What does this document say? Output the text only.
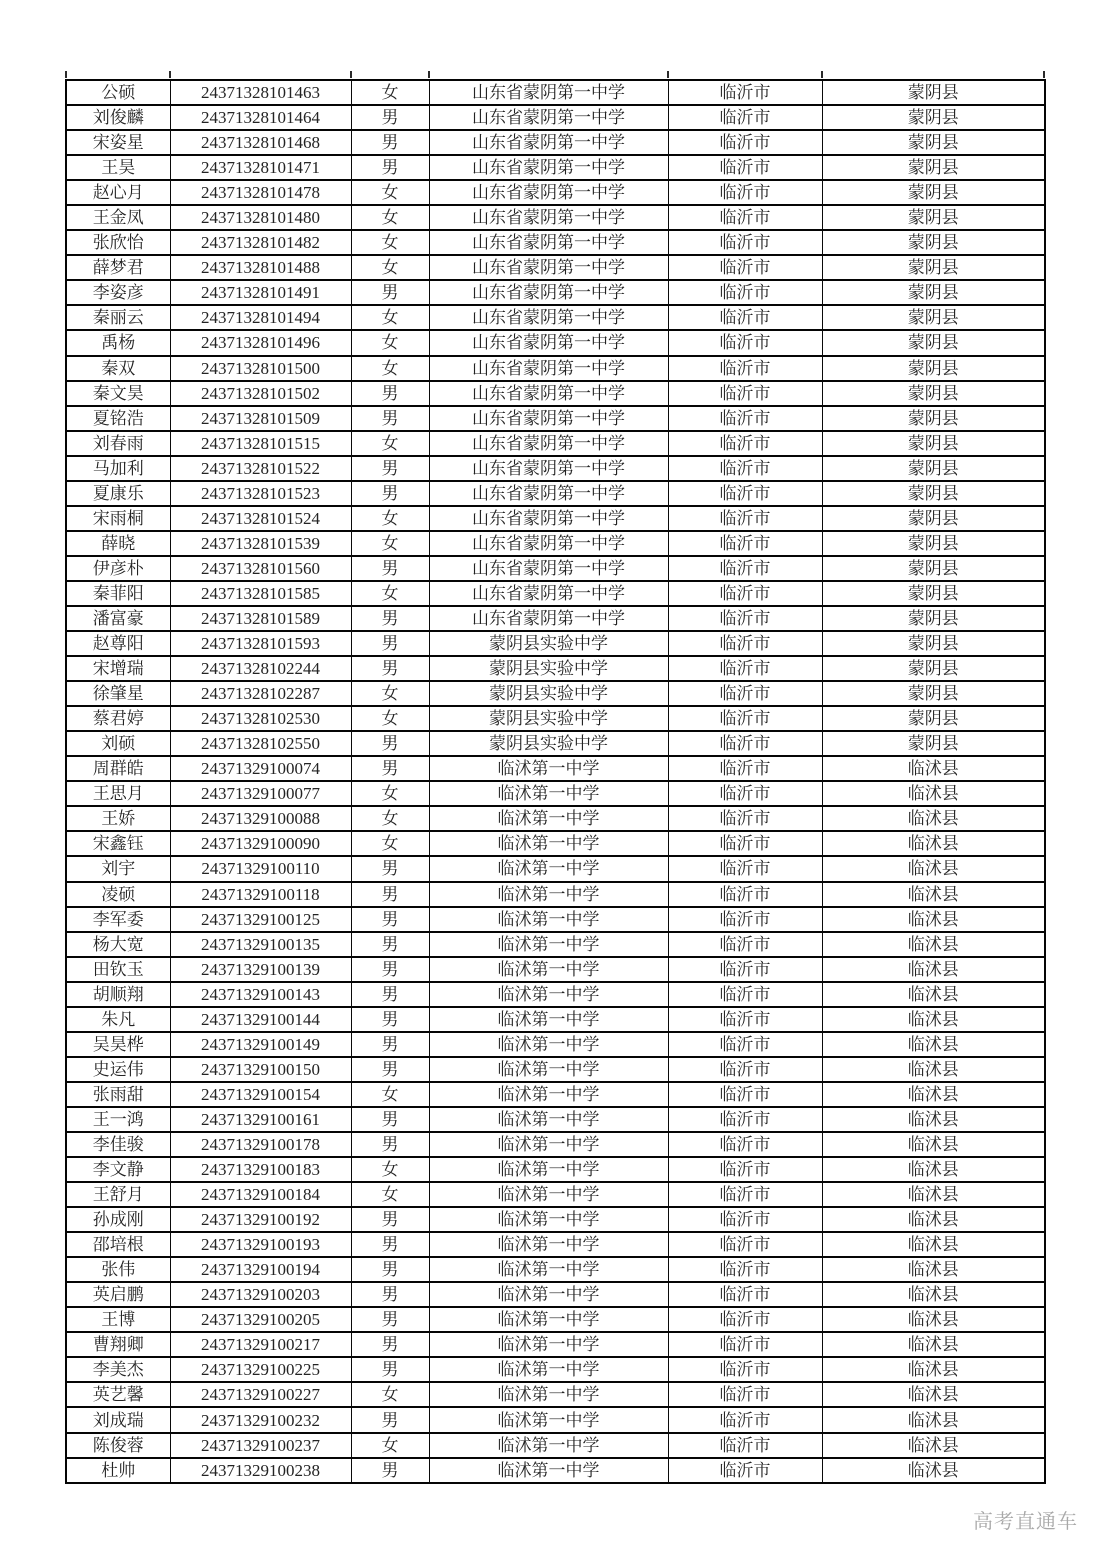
公硕	24371328101463	女	山东省蒙阴第一中学	临沂市	蒙阴县
刘俊麟	24371328101464	男	山东省蒙阴第一中学	临沂市	蒙阴县
宋姿星	24371328101468	男	山东省蒙阴第一中学	临沂市	蒙阴县
王昊	24371328101471	男	山东省蒙阴第一中学	临沂市	蒙阴县
赵心月	24371328101478	女	山东省蒙阴第一中学	临沂市	蒙阴县
王金凤	24371328101480	女	山东省蒙阴第一中学	临沂市	蒙阴县
张欣怡	24371328101482	女	山东省蒙阴第一中学	临沂市	蒙阴县
薛梦君	24371328101488	女	山东省蒙阴第一中学	临沂市	蒙阴县
李姿彦	24371328101491	男	山东省蒙阴第一中学	临沂市	蒙阴县
秦丽云	24371328101494	女	山东省蒙阴第一中学	临沂市	蒙阴县
禹杨	24371328101496	女	山东省蒙阴第一中学	临沂市	蒙阴县
秦双	24371328101500	女	山东省蒙阴第一中学	临沂市	蒙阴县
秦文昊	24371328101502	男	山东省蒙阴第一中学	临沂市	蒙阴县
夏铭浩	24371328101509	男	山东省蒙阴第一中学	临沂市	蒙阴县
刘春雨	24371328101515	女	山东省蒙阴第一中学	临沂市	蒙阴县
马加利	24371328101522	男	山东省蒙阴第一中学	临沂市	蒙阴县
夏康乐	24371328101523	男	山东省蒙阴第一中学	临沂市	蒙阴县
宋雨桐	24371328101524	女	山东省蒙阴第一中学	临沂市	蒙阴县
薛晓	24371328101539	女	山东省蒙阴第一中学	临沂市	蒙阴县
伊彦朴	24371328101560	男	山东省蒙阴第一中学	临沂市	蒙阴县
秦菲阳	24371328101585	女	山东省蒙阴第一中学	临沂市	蒙阴县
潘富豪	24371328101589	男	山东省蒙阴第一中学	临沂市	蒙阴县
赵尊阳	24371328101593	男	蒙阴县实验中学	临沂市	蒙阴县
宋增瑞	24371328102244	男	蒙阴县实验中学	临沂市	蒙阴县
徐肇星	24371328102287	女	蒙阴县实验中学	临沂市	蒙阴县
蔡君婷	24371328102530	女	蒙阴县实验中学	临沂市	蒙阴县
刘硕	24371328102550	男	蒙阴县实验中学	临沂市	蒙阴县
周群皓	24371329100074	男	临沭第一中学	临沂市	临沭县
王思月	24371329100077	女	临沭第一中学	临沂市	临沭县
王娇	24371329100088	女	临沭第一中学	临沂市	临沭县
宋鑫钰	24371329100090	女	临沭第一中学	临沂市	临沭县
刘宇	24371329100110	男	临沭第一中学	临沂市	临沭县
凌硕	24371329100118	男	临沭第一中学	临沂市	临沭县
李军委	24371329100125	男	临沭第一中学	临沂市	临沭县
杨大宽	24371329100135	男	临沭第一中学	临沂市	临沭县
田钦玉	24371329100139	男	临沭第一中学	临沂市	临沭县
胡顺翔	24371329100143	男	临沭第一中学	临沂市	临沭县
朱凡	24371329100144	男	临沭第一中学	临沂市	临沭县
吴昊桦	24371329100149	男	临沭第一中学	临沂市	临沭县
史运伟	24371329100150	男	临沭第一中学	临沂市	临沭县
张雨甜	24371329100154	女	临沭第一中学	临沂市	临沭县
王一鸿	24371329100161	男	临沭第一中学	临沂市	临沭县
李佳骏	24371329100178	男	临沭第一中学	临沂市	临沭县
李文静	24371329100183	女	临沭第一中学	临沂市	临沭县
王舒月	24371329100184	女	临沭第一中学	临沂市	临沭县
孙成刚	24371329100192	男	临沭第一中学	临沂市	临沭县
邵培根	24371329100193	男	临沭第一中学	临沂市	临沭县
张伟	24371329100194	男	临沭第一中学	临沂市	临沭县
英启鹏	24371329100203	男	临沭第一中学	临沂市	临沭县
王博	24371329100205	男	临沭第一中学	临沂市	临沭县
曹翔卿	24371329100217	男	临沭第一中学	临沂市	临沭县
李美杰	24371329100225	男	临沭第一中学	临沂市	临沭县
英艺馨	24371329100227	女	临沭第一中学	临沂市	临沭县
刘成瑞	24371329100232	男	临沭第一中学	临沂市	临沭县
陈俊蓉	24371329100237	女	临沭第一中学	临沂市	临沭县
杜帅	24371329100238	男	临沭第一中学	临沂市	临沭县
高考直通车
